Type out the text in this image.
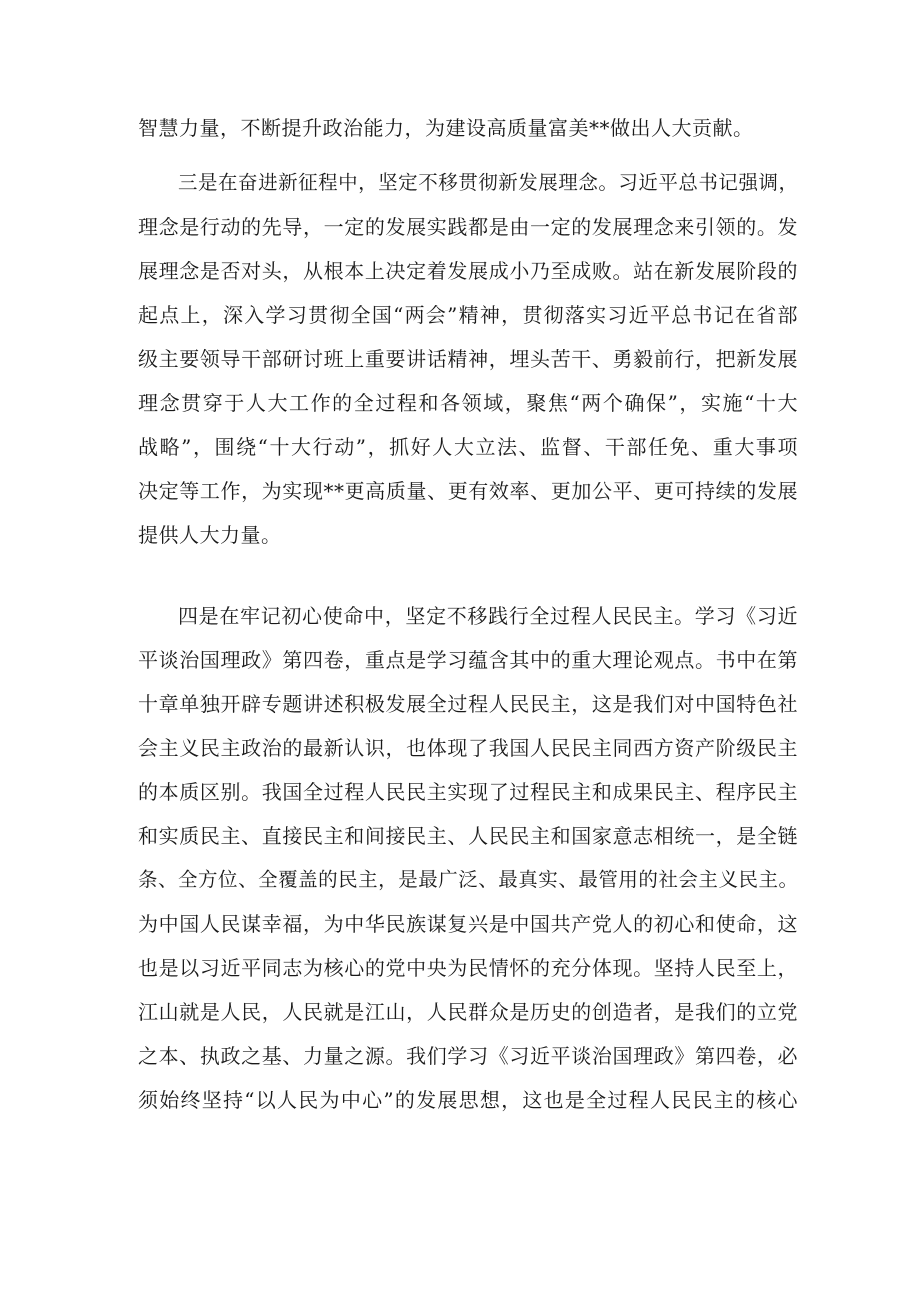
智慧力量，不断提升政治能力，为建设高质量富美**做出人大贡献。
三是在奋进新征程中，坚定不移贯彻新发展理念。习近平总书记强调，
理念是行动的先导，一定的发展实践都是由一定的发展理念来引领的。发
展理念是否对头，从根本上决定着发展成小乃至成败。站在新发展阶段的
起点上，深入学习贯彻全国“两会”精神，贯彻落实习近平总书记在省部
级主要领导干部研讨班上重要讲话精神，埋头苦干、勇毅前行，把新发展
理念贯穿于人大工作的全过程和各领域，聚焦“两个确保”，实施“十大
战略”，围绕“十大行动”，抓好人大立法、监督、干部任免、重大事项
决定等工作，为实现**更高质量、更有效率、更加公平、更可持续的发展
提供人大力量。
四是在牢记初心使命中，坚定不移践行全过程人民民主。学习《习近
平谈治国理政》第四卷，重点是学习蕴含其中的重大理论观点。书中在第
十章单独开辟专题讲述积极发展全过程人民民主，这是我们对中国特色社
会主义民主政治的最新认识，也体现了我国人民民主同西方资产阶级民主
的本质区别。我国全过程人民民主实现了过程民主和成果民主、程序民主
和实质民主、直接民主和间接民主、人民民主和国家意志相统一，是全链
条、全方位、全覆盖的民主，是最广泛、最真实、最管用的社会主义民主。
为中国人民谋幸福，为中华民族谋复兴是中国共产党人的初心和使命，这
也是以习近平同志为核心的党中央为民情怀的充分体现。坚持人民至上，
江山就是人民，人民就是江山，人民群众是历史的创造者，是我们的立党
之本、执政之基、力量之源。我们学习《习近平谈治国理政》第四卷，必
须始终坚持“以人民为中心”的发展思想，这也是全过程人民民主的核心
